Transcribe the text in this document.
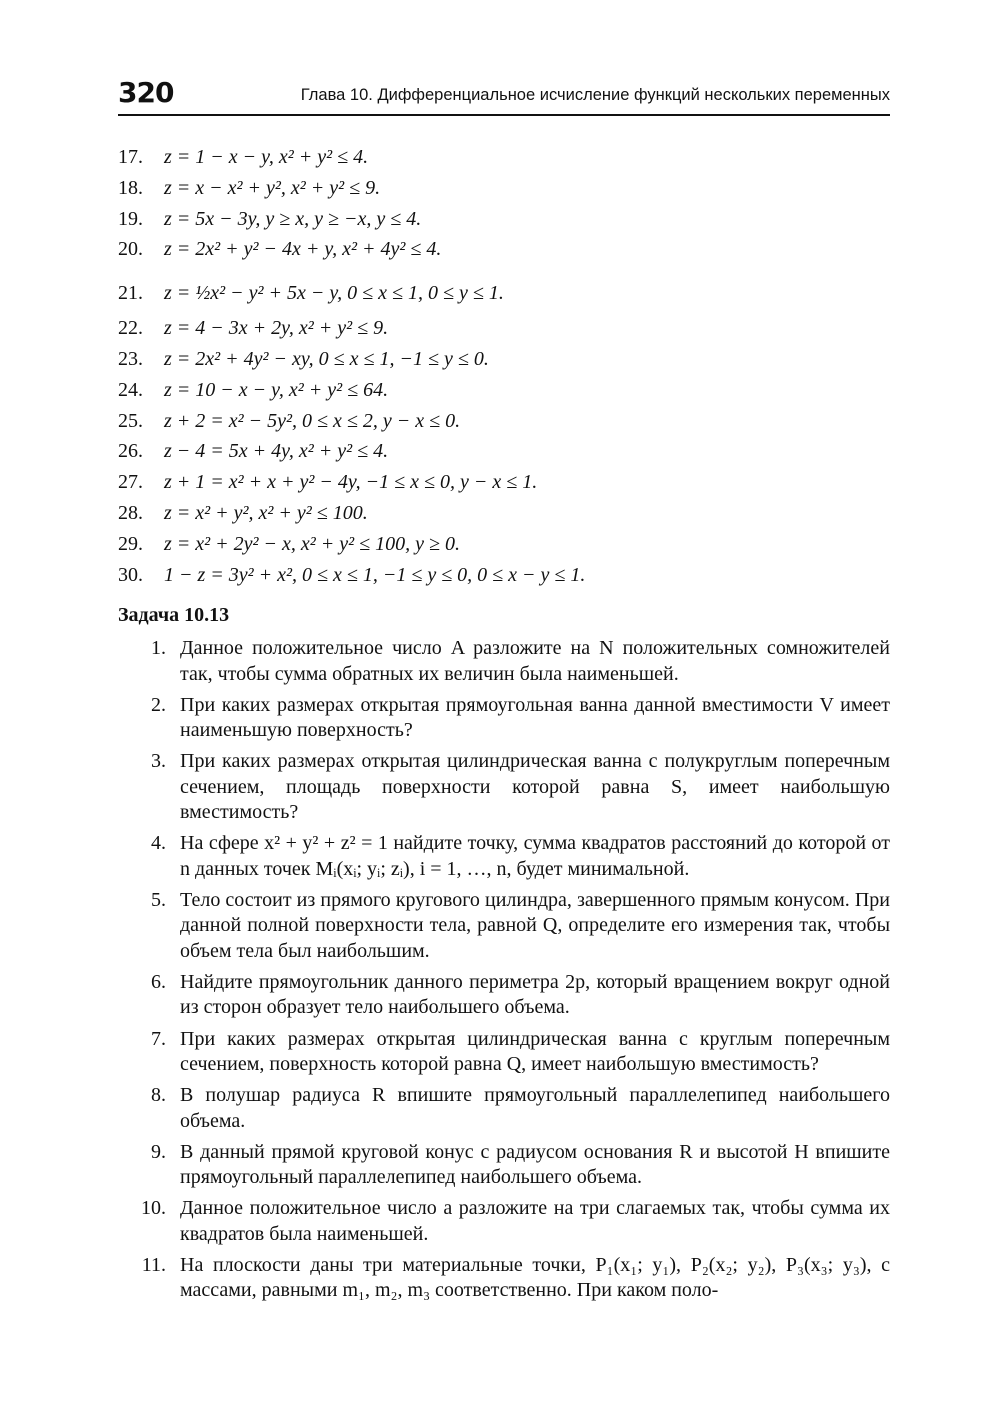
320	Глава 10. Дифференциальное исчисление функций нескольких переменных
17.	z = 1 − x − y, x² + y² ≤ 4.
18.	z = x − x² + y², x² + y² ≤ 9.
19.	z = 5x − 3y, y ≥ x, y ≥ −x, y ≤ 4.
20.	z = 2x² + y² − 4x + y, x² + 4y² ≤ 4.
21.	z = ½x² − y² + 5x − y, 0 ≤ x ≤ 1, 0 ≤ y ≤ 1.
22.	z = 4 − 3x + 2y, x² + y² ≤ 9.
23.	z = 2x² + 4y² − xy, 0 ≤ x ≤ 1, −1 ≤ y ≤ 0.
24.	z = 10 − x − y, x² + y² ≤ 64.
25.	z + 2 = x² − 5y², 0 ≤ x ≤ 2, y − x ≤ 0.
26.	z − 4 = 5x + 4y, x² + y² ≤ 4.
27.	z + 1 = x² + x + y² − 4y, −1 ≤ x ≤ 0, y − x ≤ 1.
28.	z = x² + y², x² + y² ≤ 100.
29.	z = x² + 2y² − x, x² + y² ≤ 100, y ≥ 0.
30.	1 − z = 3y² + x², 0 ≤ x ≤ 1, −1 ≤ y ≤ 0, 0 ≤ x − y ≤ 1.
Задача 10.13
1. Данное положительное число A разложите на N положительных сомножителей так, чтобы сумма обратных их величин была наименьшей.
2. При каких размерах открытая прямоугольная ванна данной вместимости V имеет наименьшую поверхность?
3. При каких размерах открытая цилиндрическая ванна с полукруглым поперечным сечением, площадь поверхности которой равна S, имеет наибольшую вместимость?
4. На сфере x² + y² + z² = 1 найдите точку, сумма квадратов расстояний до которой от n данных точек Mᵢ(xᵢ; yᵢ; zᵢ), i = 1, …, n, будет минимальной.
5. Тело состоит из прямого кругового цилиндра, завершенного прямым конусом. При данной полной поверхности тела, равной Q, определите его измерения так, чтобы объем тела был наибольшим.
6. Найдите прямоугольник данного периметра 2p, который вращением вокруг одной из сторон образует тело наибольшего объема.
7. При каких размерах открытая цилиндрическая ванна с круглым поперечным сечением, поверхность которой равна Q, имеет наибольшую вместимость?
8. В полушар радиуса R впишите прямоугольный параллелепипед наибольшего объема.
9. В данный прямой круговой конус с радиусом основания R и высотой H впишите прямоугольный параллелепипед наибольшего объема.
10. Данное положительное число a разложите на три слагаемых так, чтобы сумма их квадратов была наименьшей.
11. На плоскости даны три материальные точки, P₁(x₁; y₁), P₂(x₂; y₂), P₃(x₃; y₃), с массами, равными m₁, m₂, m₃ соответственно. При каком поло-
